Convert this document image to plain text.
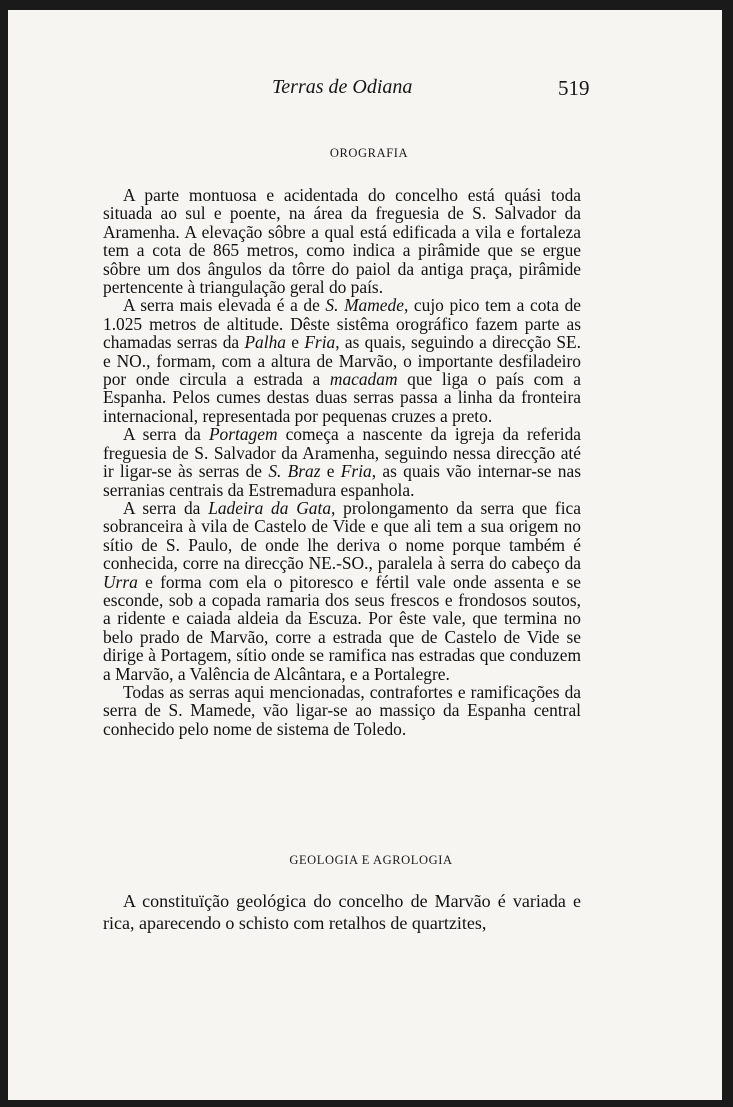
Terras de Odiana	519
OROGRAFIA

A parte montuosa e acidentada do concelho está quási toda situada ao sul e poente, na área da freguesia de S. Salvador da Aramenha. A elevação sôbre a qual está edificada a vila e fortaleza tem a cota de 865 metros, como indica a pirâmide que se ergue sôbre um dos ângulos da tôrre do paiol da antiga praça, pirâmide pertencente à triangulação geral do país.

A serra mais elevada é a de S. Mamede, cujo pico tem a cota de 1.025 metros de altitude. Dêste sistêma orográfico fazem parte as chamadas serras da Palha e Fria, as quais, seguindo a direcção SE. e NO., formam, com a altura de Marvão, o importante desfiladeiro por onde circula a estrada a macadam que liga o país com a Espanha. Pelos cumes destas duas serras passa a linha da fronteira internacional, representada por pequenas cruzes a preto.

A serra da Portagem começa a nascente da igreja da referida freguesia de S. Salvador da Aramenha, seguindo nessa direcção até ir ligar-se às serras de S. Braz e Fria, as quais vão internar-se nas serranias centrais da Estremadura espanhola.

A serra da Ladeira da Gata, prolongamento da serra que fica sobranceira à vila de Castelo de Vide e que ali tem a sua origem no sítio de S. Paulo, de onde lhe deriva o nome porque também é conhecida, corre na direcção NE.-SO., paralela à serra do cabeço da Urra e forma com ela o pitoresco e fértil vale onde assenta e se esconde, sob a copada ramaria dos seus frescos e frondosos soutos, a ridente e caiada aldeia da Escuza. Por êste vale, que termina no belo prado de Marvão, corre a estrada que de Castelo de Vide se dirige à Portagem, sítio onde se ramifica nas estradas que conduzem a Marvão, a Valência de Alcântara, e a Portalegre.

Todas as serras aqui mencionadas, contrafortes e ramificações da serra de S. Mamede, vão ligar-se ao massiço da Espanha central conhecido pelo nome de sistema de Toledo.

GEOLOGIA E AGROLOGIA

A constituïção geológica do concelho de Marvão é variada e rica, aparecendo o schisto com retalhos de quartzites,
